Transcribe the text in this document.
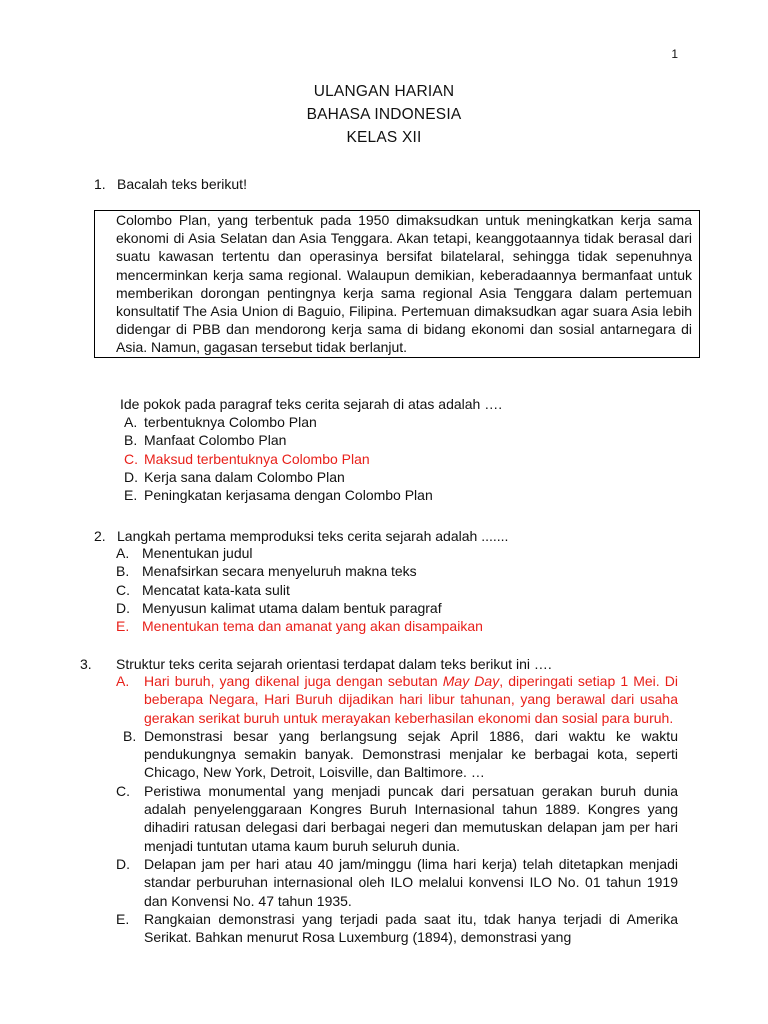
1
ULANGAN HARIAN
BAHASA INDONESIA
KELAS XII
1. Bacalah teks berikut!

Colombo Plan, yang terbentuk pada 1950 dimaksudkan untuk meningkatkan kerja sama ekonomi di Asia Selatan dan Asia Tenggara. Akan tetapi, keanggotaannya tidak berasal dari suatu kawasan tertentu dan operasinya bersifat bilatelaral, sehingga tidak sepenuhnya mencerminkan kerja sama regional. Walaupun demikian, keberadaannya bermanfaat untuk memberikan dorongan pentingnya kerja sama regional Asia Tenggara dalam pertemuan konsultatif The Asia Union di Baguio, Filipina. Pertemuan dimaksudkan agar suara Asia lebih didengar di PBB dan mendorong kerja sama di bidang ekonomi dan sosial antarnegara di Asia. Namun, gagasan tersebut tidak berlanjut.

Ide pokok pada paragraf teks cerita sejarah di atas adalah ….
A. terbentuknya Colombo Plan
B. Manfaat Colombo Plan
C. Maksud terbentuknya Colombo Plan
D. Kerja sana dalam Colombo Plan
E. Peningkatan kerjasama dengan Colombo Plan
2. Langkah pertama memproduksi teks cerita sejarah adalah .......
A. Menentukan judul
B. Menafsirkan secara menyeluruh makna teks
C. Mencatat kata-kata sulit
D. Menyusun kalimat utama dalam bentuk paragraf
E. Menentukan tema dan amanat yang akan disampaikan
3.	Struktur teks cerita sejarah orientasi terdapat dalam teks berikut ini ….
A.	Hari buruh, yang dikenal juga dengan sebutan May Day, diperingati setiap 1 Mei. Di beberapa Negara, Hari Buruh dijadikan hari libur tahunan, yang berawal dari usaha gerakan serikat buruh untuk merayakan keberhasilan ekonomi dan sosial para buruh.
B. Demonstrasi besar yang berlangsung sejak April 1886, dari waktu ke waktu pendukungnya semakin banyak. Demonstrasi menjalar ke berbagai kota, seperti Chicago, New York, Detroit, Loisville, dan Baltimore. …
C.	Peristiwa monumental yang menjadi puncak dari persatuan gerakan buruh dunia adalah penyelenggaraan Kongres Buruh Internasional tahun 1889. Kongres yang dihadiri ratusan delegasi dari berbagai negeri dan memutuskan delapan jam per hari menjadi tuntutan utama kaum buruh seluruh dunia.
D.	Delapan jam per hari atau 40 jam/minggu (lima hari kerja) telah ditetapkan menjadi standar perburuhan internasional oleh ILO melalui konvensi ILO No. 01 tahun 1919 dan Konvensi No. 47 tahun 1935.
E.	Rangkaian demonstrasi yang terjadi pada saat itu, tdak hanya terjadi di Amerika Serikat. Bahkan menurut Rosa Luxemburg (1894), demonstrasi yang
